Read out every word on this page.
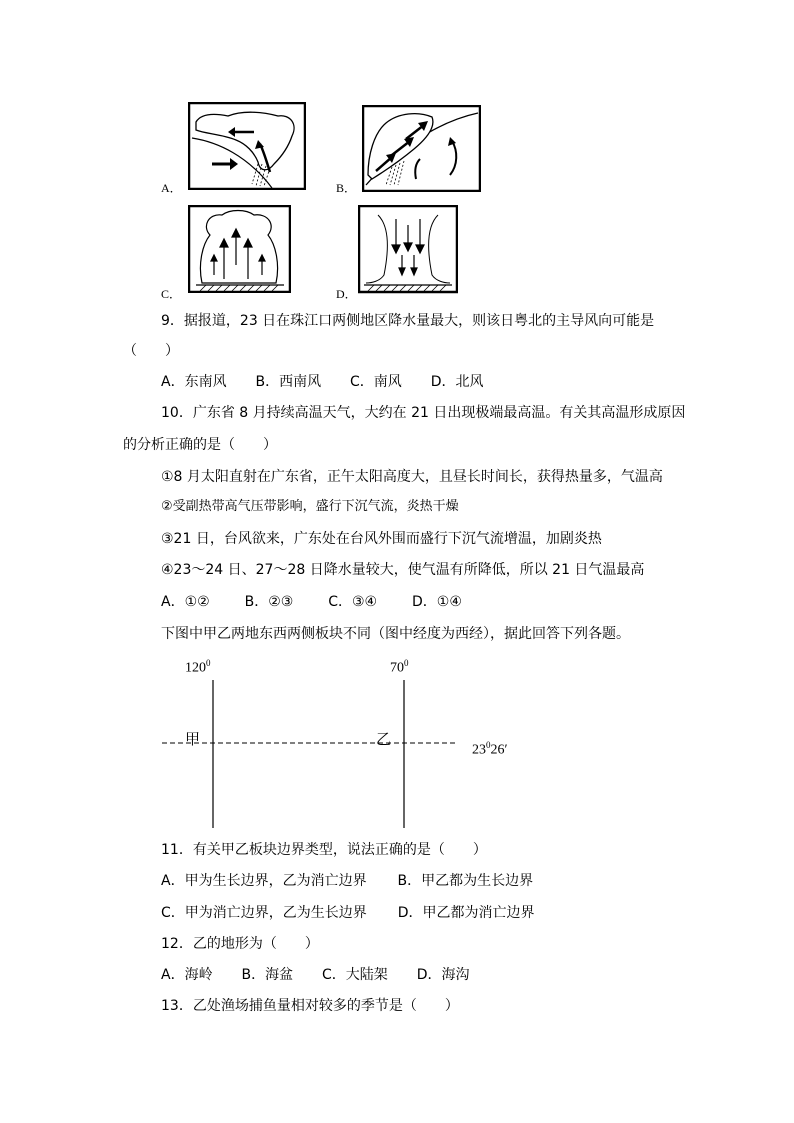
A．	B．
C．	D．
9．据报道，23 日在珠江口两侧地区降水量最大，则该日粤北的主导风向可能是
（　　）
A．东南风 B．西南风 C．南风 D．北风
10．广东省 8 月持续高温天气，大约在 21 日出现极端最高温。有关其高温形成原因
的分析正确的是（　　）
①8 月太阳直射在广东省，正午太阳高度大，且昼长时间长，获得热量多，气温高
②受副热带高气压带影响，盛行下沉气流，炎热干燥
③21 日，台风欲来，广东处在台风外围而盛行下沉气流增温，加剧炎热
④23～24 日、27～28 日降水量较大，使气温有所降低，所以 21 日气温最高
A．①② B．②③ C．③④ D．①④
下图中甲乙两地东西两侧板块不同（图中经度为西经），据此回答下列各题。
$120^0$	$70^0$
甲	乙
$23^026'$
11．有关甲乙板块边界类型，说法正确的是（　　）
A．甲为生长边界，乙为消亡边界 B．甲乙都为生长边界
C．甲为消亡边界，乙为生长边界 D．甲乙都为消亡边界
12．乙的地形为（　　）
A．海岭 B．海盆 C．大陆架 D．海沟
13．乙处渔场捕鱼量相对较多的季节是（　　）
